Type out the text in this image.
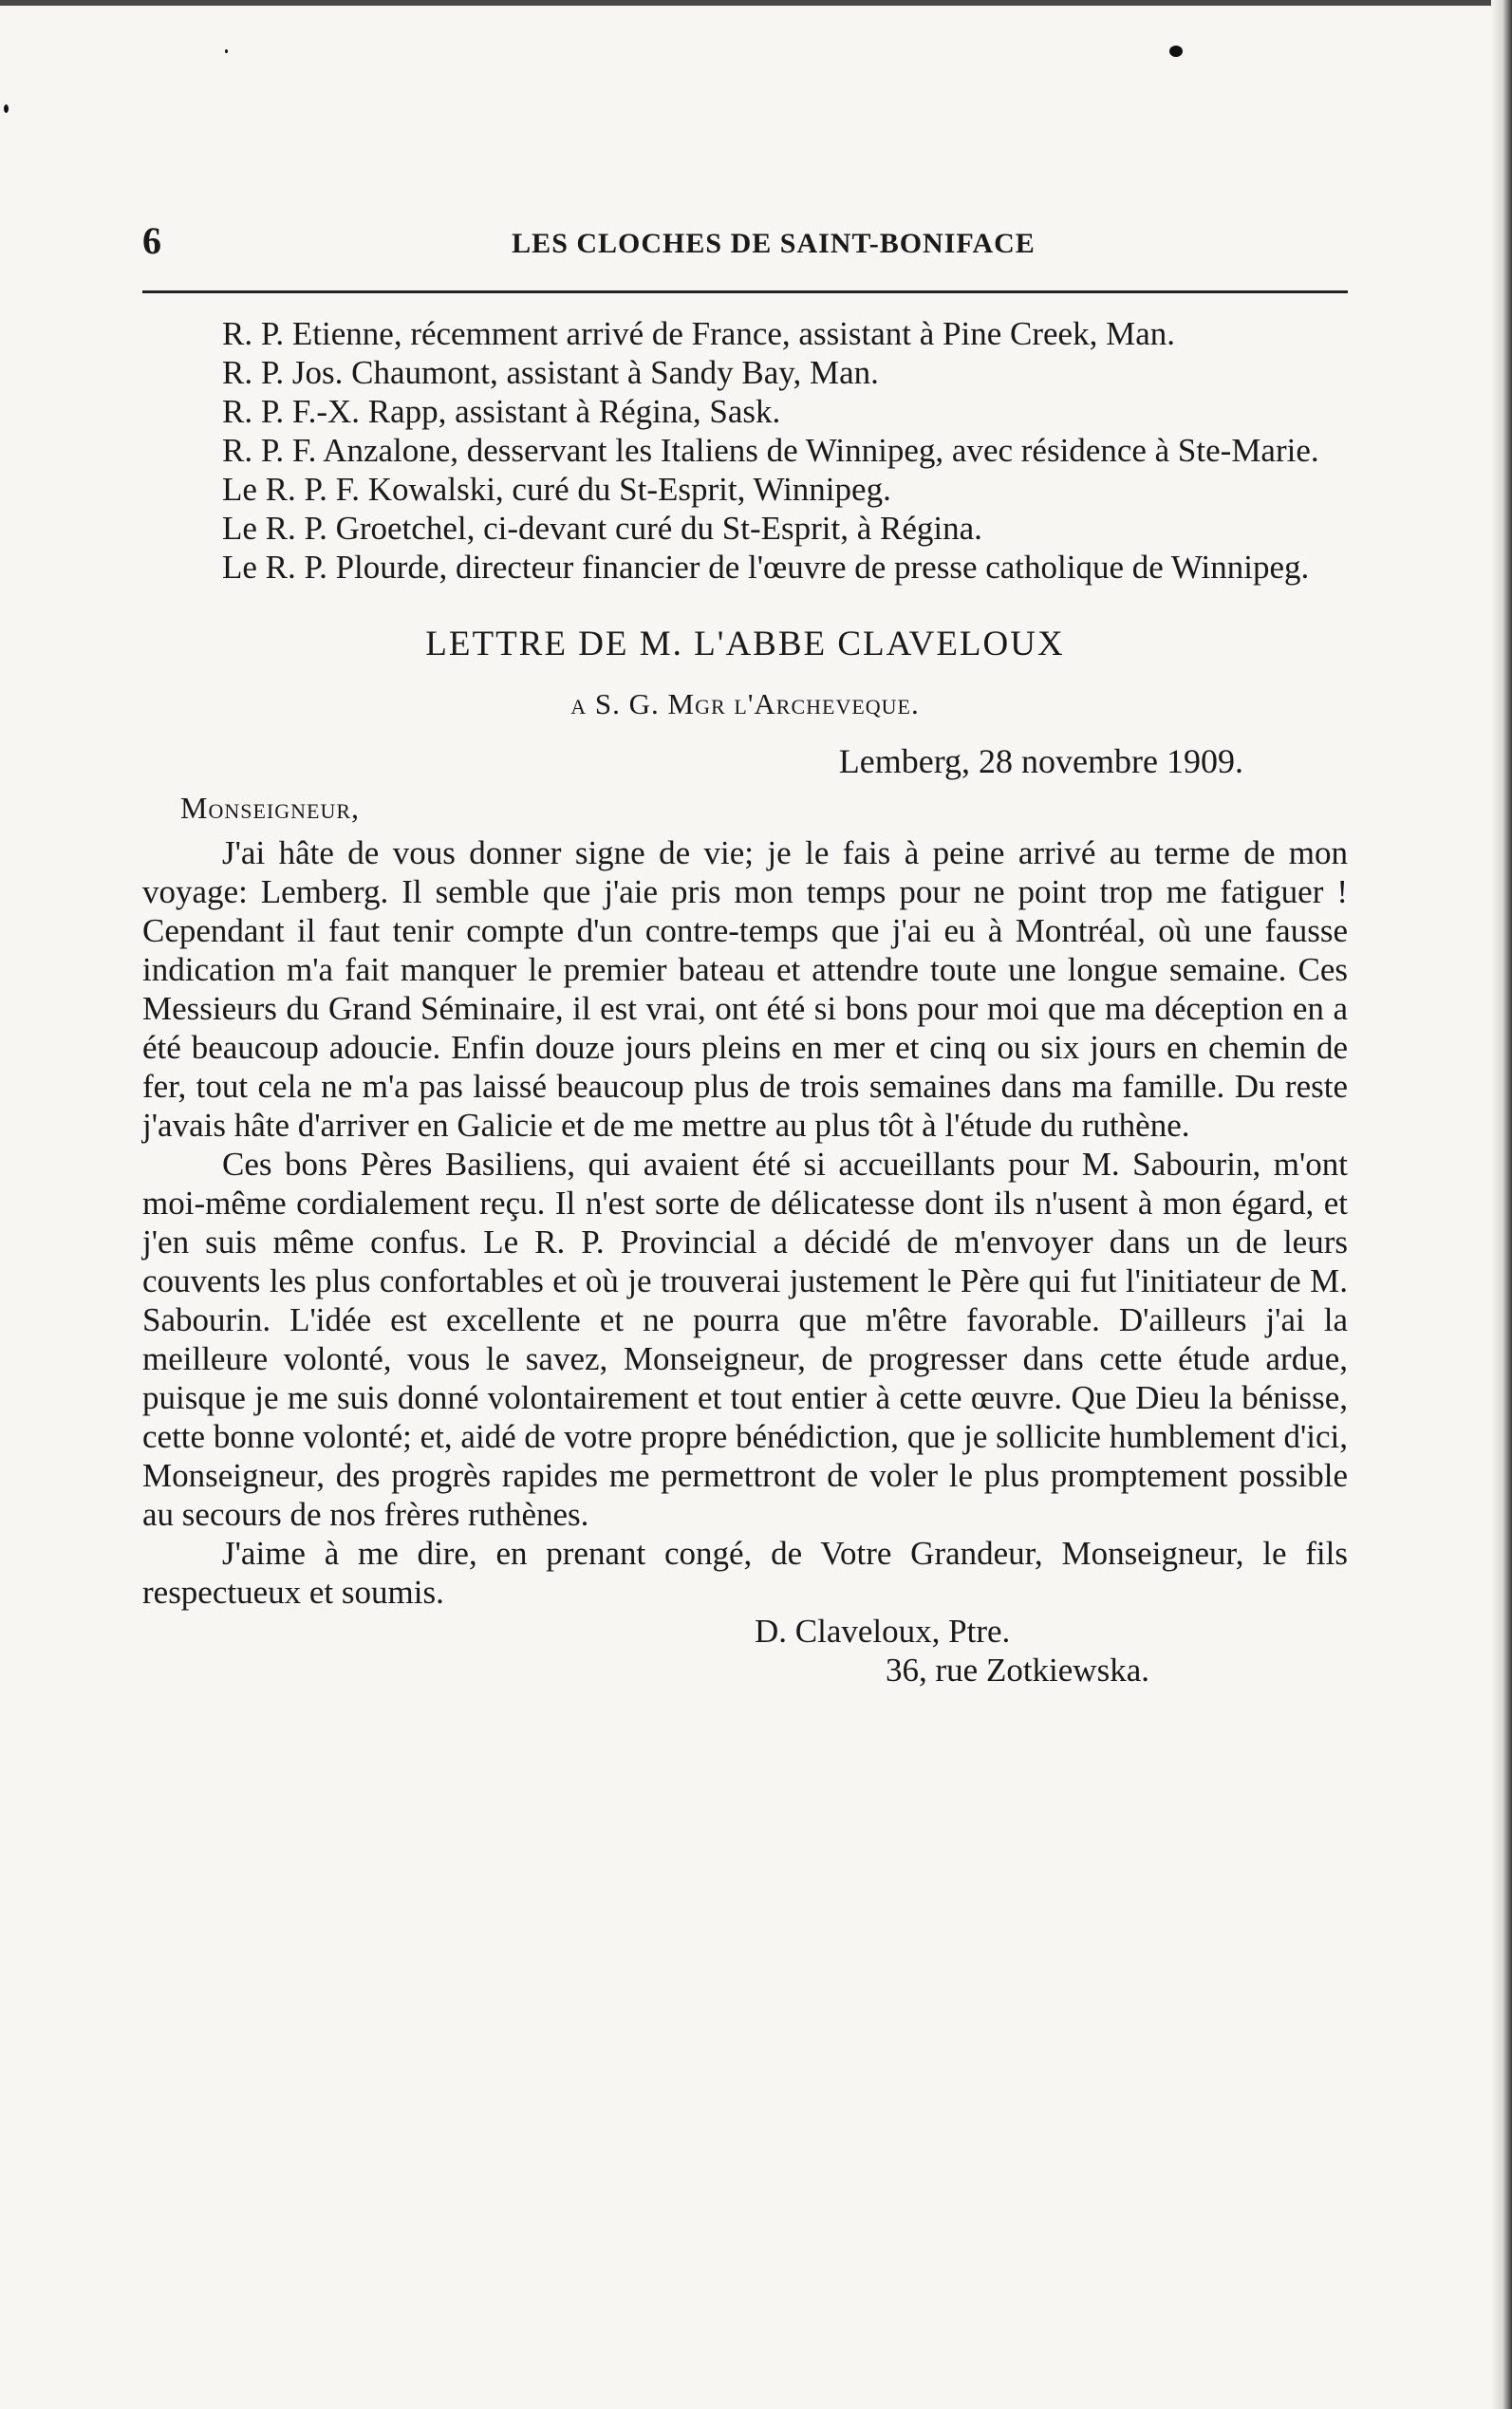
6	LES CLOCHES DE SAINT-BONIFACE

R. P. Etienne, récemment arrivé de France, assistant à Pine Creek, Man.

R. P. Jos. Chaumont, assistant à Sandy Bay, Man.

R. P. F.-X. Rapp, assistant à Régina, Sask.

R. P. F. Anzalone, desservant les Italiens de Winnipeg, avec résidence à Ste-Marie.

Le R. P. F. Kowalski, curé du St-Esprit, Winnipeg.

Le R. P. Groetchel, ci-devant curé du St-Esprit, à Régina.

Le R. P. Plourde, directeur financier de l'œuvre de presse catholique de Winnipeg.

LETTRE DE M. L'ABBE CLAVELOUX

a S. G. Mgr l'Archeveque.

Lemberg, 28 novembre 1909.

Monseigneur,

J'ai hâte de vous donner signe de vie; je le fais à peine arrivé au terme de mon voyage: Lemberg. Il semble que j'aie pris mon temps pour ne point trop me fatiguer ! Cependant il faut tenir compte d'un contre-temps que j'ai eu à Montréal, où une fausse indication m'a fait manquer le premier bateau et attendre toute une longue semaine. Ces Messieurs du Grand Séminaire, il est vrai, ont été si bons pour moi que ma déception en a été beaucoup adoucie. Enfin douze jours pleins en mer et cinq ou six jours en chemin de fer, tout cela ne m'a pas laissé beaucoup plus de trois semaines dans ma famille. Du reste j'avais hâte d'arriver en Galicie et de me mettre au plus tôt à l'étude du ruthène.

Ces bons Pères Basiliens, qui avaient été si accueillants pour M. Sabourin, m'ont moi-même cordialement reçu. Il n'est sorte de délicatesse dont ils n'usent à mon égard, et j'en suis même confus. Le R. P. Provincial a décidé de m'envoyer dans un de leurs couvents les plus confortables et où je trouverai justement le Père qui fut l'initiateur de M. Sabourin. L'idée est excellente et ne pourra que m'être favorable. D'ailleurs j'ai la meilleure volonté, vous le savez, Monseigneur, de progresser dans cette étude ardue, puisque je me suis donné volontairement et tout entier à cette œuvre. Que Dieu la bénisse, cette bonne volonté; et, aidé de votre propre bénédiction, que je sollicite humblement d'ici, Monseigneur, des progrès rapides me permettront de voler le plus promptement possible au secours de nos frères ruthènes.

J'aime à me dire, en prenant congé, de Votre Grandeur, Monseigneur, le fils respectueux et soumis.

D. Claveloux, Ptre.

36, rue Zotkiewska.
